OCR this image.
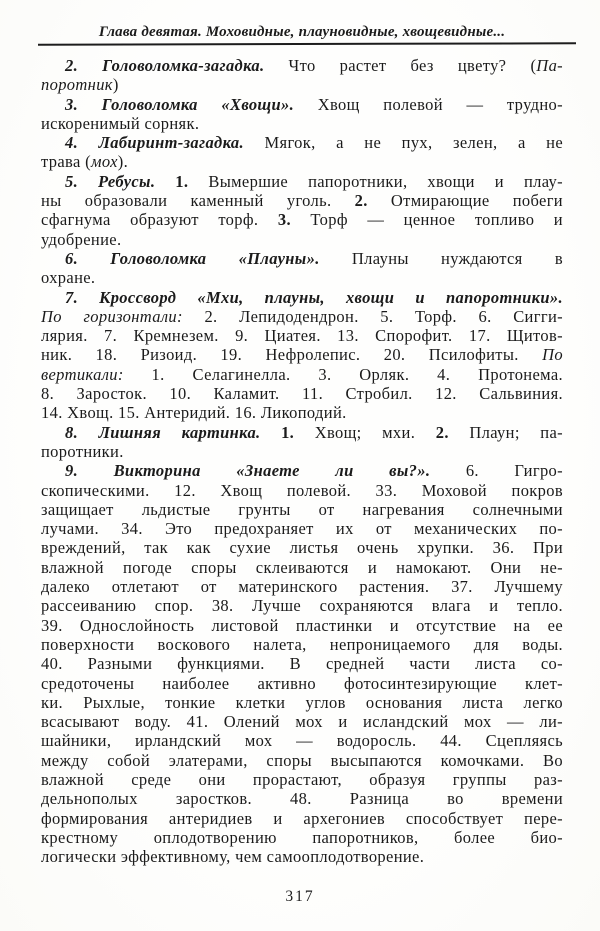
Глава девятая. Моховидные, плауновидные, хвощевидные...
2. Головоломка-загадка. Что растет без цвету? (Па-
поротник)
3. Головоломка «Хвощи». Хвощ полевой — трудно-
искоренимый сорняк.
4. Лабиринт-загадка. Мягок, а не пух, зелен, а не
трава (мох).
5. Ребусы. 1. Вымершие папоротники, хвощи и плау-
ны образовали каменный уголь. 2. Отмирающие побеги
сфагнума образуют торф. 3. Торф — ценное топливо и
удобрение.
6. Головоломка «Плауны». Плауны нуждаются в
охране.
7. Кроссворд «Мхи, плауны, хвощи и папоротники».
По горизонтали: 2. Лепидодендрон. 5. Торф. 6. Сигги-
лярия. 7. Кремнезем. 9. Циатея. 13. Спорофит. 17. Щитов-
ник. 18. Ризоид. 19. Нефролепис. 20. Псилофиты. По
вертикали: 1. Селагинелла. 3. Орляк. 4. Протонема.
8. Заросток. 10. Каламит. 11. Стробил. 12. Сальвиния.
14. Хвощ. 15. Антеридий. 16. Ликоподий.
8. Лишняя картинка. 1. Хвощ; мхи. 2. Плаун; па-
поротники.
9. Викторина «Знаете ли вы?». 6. Гигро-
скопическими. 12. Хвощ полевой. 33. Моховой покров
защищает льдистые грунты от нагревания солнечными
лучами. 34. Это предохраняет их от механических по-
вреждений, так как сухие листья очень хрупки. 36. При
влажной погоде споры склеиваются и намокают. Они не-
далеко отлетают от материнского растения. 37. Лучшему
рассеиванию спор. 38. Лучше сохраняются влага и тепло.
39. Однослойность листовой пластинки и отсутствие на ее
поверхности воскового налета, непроницаемого для воды.
40. Разными функциями. В средней части листа со-
средоточены наиболее активно фотосинтезирующие клет-
ки. Рыхлые, тонкие клетки углов основания листа легко
всасывают воду. 41. Олений мох и исландский мох — ли-
шайники, ирландский мох — водоросль. 44. Сцепляясь
между собой элатерами, споры высыпаются комочками. Во
влажной среде они прорастают, образуя группы раз-
дельнополых заростков. 48. Разница во времени
формирования антеридиев и архегониев способствует пере-
крестному оплодотворению папоротников, более био-
логически эффективному, чем самооплодотворение.
317
